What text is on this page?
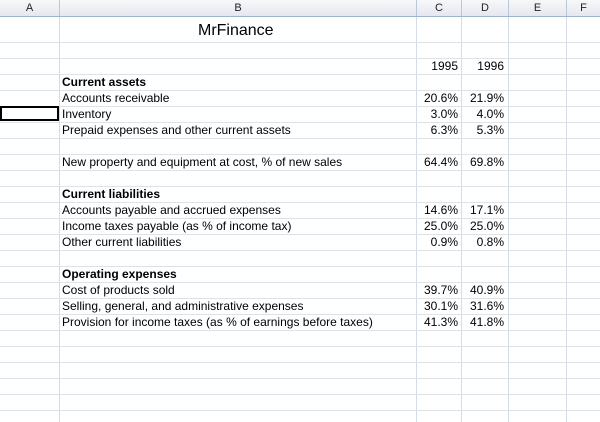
A	B	C	D	E	F
MrFinance
1995	1996
Current assets
Accounts receivable	20.6% 21.9%
Inventory	3.0%	4.0%
Prepaid expenses and other current assets	6.3%	5.3%
New property and equipment at cost, % of new sales	64.4% 69.8%
Current liabilities
Accounts payable and accrued expenses	14.6% 17.1%
Income taxes payable (as % of income tax)	25.0% 25.0%
Other current liabilities	0.9%	0.8%
Operating expenses
Cost of products sold	39.7% 40.9%
Selling, general, and administrative expenses	30.1% 31.6%
Provision for income taxes (as % of earnings before taxes)	41.3% 41.8%
